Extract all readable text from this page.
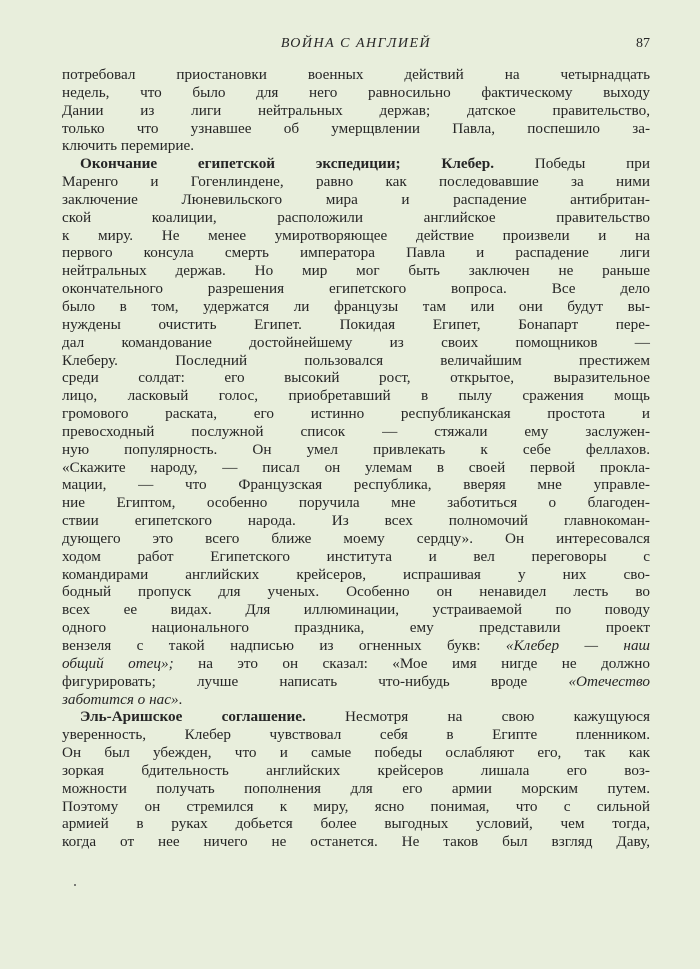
ВОЙНА С АНГЛИЕЙ	87
потребовал приостановки военных действий на четырнадцать
недель, что было для него равносильно фактическому выходу
Дании из лиги нейтральных держав; датское правительство,
только что узнавшее об умерщвлении Павла, поспешило за-
ключить перемирие.
Окончание египетской экспедиции; Клебер. Победы при
Маренго и Гогенлиндене, равно как последовавшие за ними
заключение Люневильского мира и распадение антибритан-
ской коалиции, расположили английское правительство
к миру. Не менее умиротворяющее действие произвели и на
первого консула смерть императора Павла и распадение лиги
нейтральных держав. Но мир мог быть заключен не раньше
окончательного разрешения египетского вопроса. Все дело
было в том, удержатся ли французы там или они будут вы-
нуждены очистить Египет. Покидая Египет, Бонапарт пере-
дал командование достойнейшему из своих помощников —
Клеберу. Последний пользовался величайшим престижем
среди солдат: его высокий рост, открытое, выразительное
лицо, ласковый голос, приобретавший в пылу сражения мощь
громового раската, его истинно республиканская простота и
превосходный послужной список — стяжали ему заслужен-
ную популярность. Он умел привлекать к себе феллахов.
«Скажите народу, — писал он улемам в своей первой прокла-
мации, — что Французская республика, вверяя мне управле-
ние Египтом, особенно поручила мне заботиться о благоден-
ствии египетского народа. Из всех полномочий главнокоман-
дующего это всего ближе моему сердцу». Он интересовался
ходом работ Египетского института и вел переговоры с
командирами английских крейсеров, испрашивая у них сво-
бодный пропуск для ученых. Особенно он ненавидел лесть во
всех ее видах. Для иллюминации, устраиваемой по поводу
одного национального праздника, ему представили проект
вензеля с такой надписью из огненных букв: «Клебер — наш
общий отец»; на это он сказал: «Мое имя нигде не должно
фигурировать; лучше написать что-нибудь вроде «Отечество
заботится о нас».
Эль-Аришское соглашение. Несмотря на свою кажущуюся
уверенность, Клебер чувствовал себя в Египте пленником.
Он был убежден, что и самые победы ослабляют его, так как
зоркая бдительность английских крейсеров лишала его воз-
можности получать пополнения для его армии морским путем.
Поэтому он стремился к миру, ясно понимая, что с сильной
армией в руках добьется более выгодных условий, чем тогда,
когда от нее ничего не останется. Не таков был взгляд Даву,
